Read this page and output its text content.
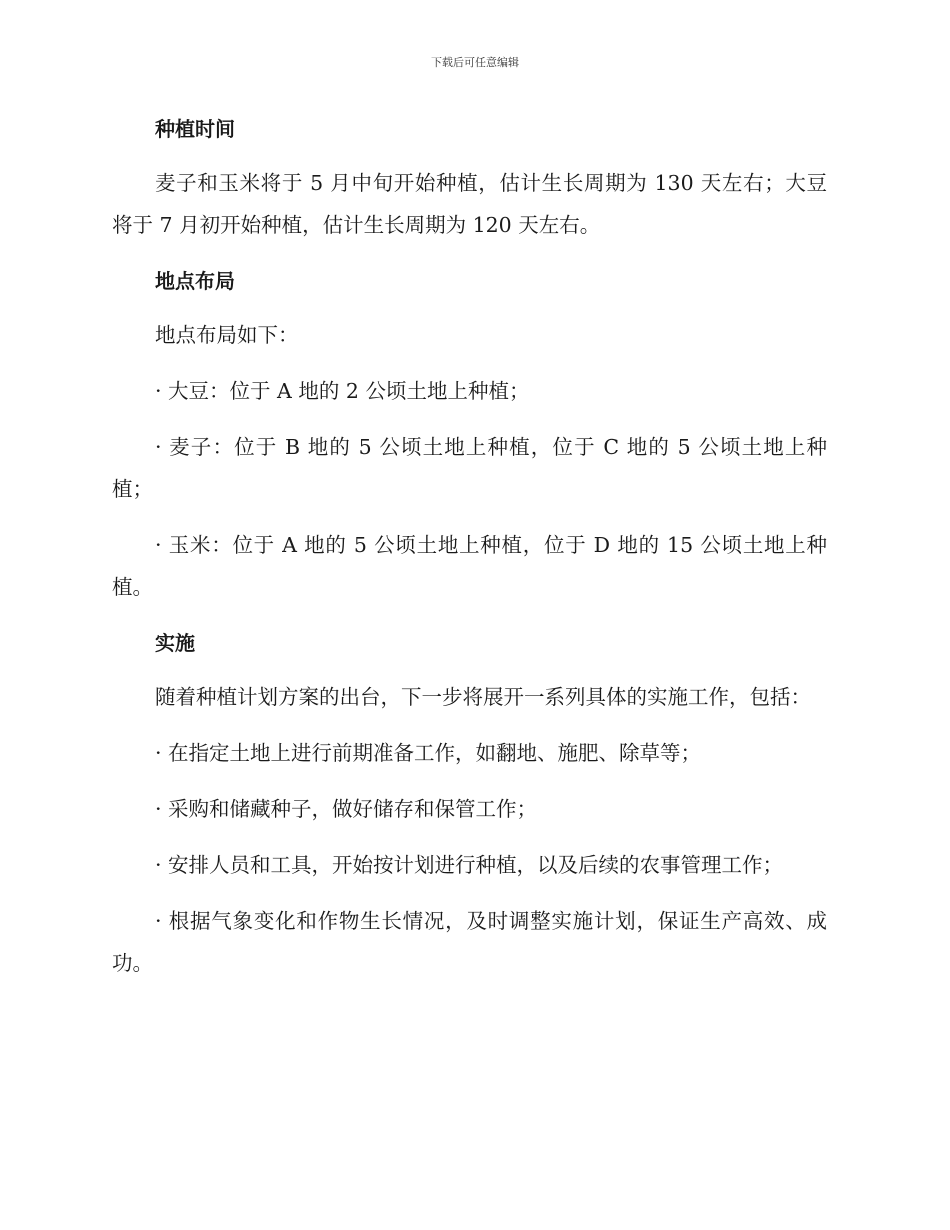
下载后可任意编辑
种植时间

麦子和玉米将于 5 月中旬开始种植，估计生长周期为 130 天左右；大豆将于 7 月初开始种植，估计生长周期为 120 天左右。

地点布局

地点布局如下：

· 大豆：位于 A 地的 2 公顷土地上种植；

· 麦子：位于 B 地的 5 公顷土地上种植，位于 C 地的 5 公顷土地上种植；

· 玉米：位于 A 地的 5 公顷土地上种植，位于 D 地的 15 公顷土地上种植。

实施

随着种植计划方案的出台，下一步将展开一系列具体的实施工作，包括：

· 在指定土地上进行前期准备工作，如翻地、施肥、除草等；

· 采购和储藏种子，做好储存和保管工作；

· 安排人员和工具，开始按计划进行种植，以及后续的农事管理工作；

· 根据气象变化和作物生长情况，及时调整实施计划，保证生产高效、成功。
